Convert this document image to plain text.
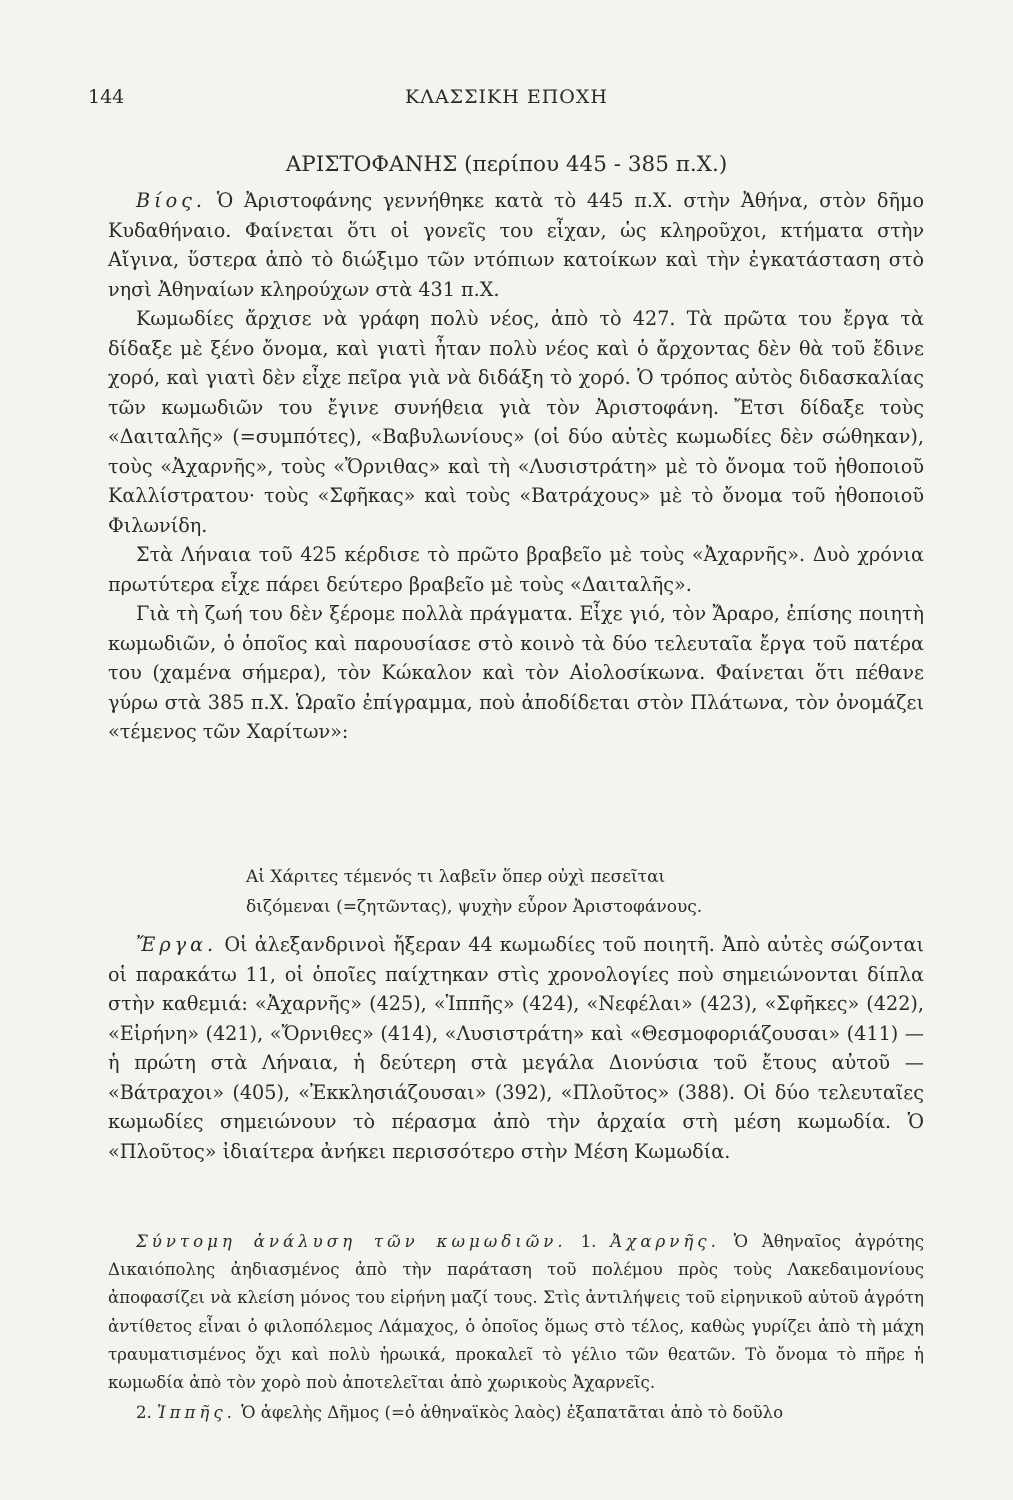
144	ΚΛΑΣΣΙΚΗ ΕΠΟΧΗ
ΑΡΙΣΤΟΦΑΝΗΣ (περίπου 445 - 385 π.Χ.)

Βίος. Ὁ Ἀριστοφάνης γεννήθηκε κατὰ τὸ 445 π.Χ. στὴν Ἀθήνα, στὸν δῆμο Κυδαθήναιο. Φαίνεται ὅτι οἱ γονεῖς του εἶχαν, ὡς κληροῦχοι, κτήματα στὴν Αἴγινα, ὕστερα ἀπὸ τὸ διώξιμο τῶν ντόπιων κατοίκων καὶ τὴν ἐγκατάσταση στὸ νησὶ Ἀθηναίων κληρούχων στὰ 431 π.Χ.

Κωμωδίες ἄρχισε νὰ γράφη πολὺ νέος, ἀπὸ τὸ 427. Τὰ πρῶτα του ἔργα τὰ δίδαξε μὲ ξένο ὄνομα, καὶ γιατὶ ἦταν πολὺ νέος καὶ ὁ ἄρχοντας δὲν θὰ τοῦ ἔδινε χορό, καὶ γιατὶ δὲν εἶχε πεῖρα γιὰ νὰ διδάξη τὸ χορό. Ὁ τρόπος αὐτὸς διδασκαλίας τῶν κωμωδιῶν του ἔγινε συνήθεια γιὰ τὸν Ἀριστοφάνη. Ἔτσι δίδαξε τοὺς «Δαιταλῆς» (=συμπότες), «Βαβυλωνίους» (οἱ δύο αὐτὲς κωμωδίες δὲν σώθηκαν), τοὺς «Ἀχαρνῆς», τοὺς «Ὄρνιθας» καὶ τὴ «Λυσιστράτη» μὲ τὸ ὄνομα τοῦ ἠθοποιοῦ Καλλίστρατου· τοὺς «Σφῆκας» καὶ τοὺς «Βατράχους» μὲ τὸ ὄνομα τοῦ ἠθοποιοῦ Φιλωνίδη.

Στὰ Λήναια τοῦ 425 κέρδισε τὸ πρῶτο βραβεῖο μὲ τοὺς «Ἀχαρνῆς». Δυὸ χρόνια πρωτύτερα εἶχε πάρει δεύτερο βραβεῖο μὲ τοὺς «Δαιταλῆς».

Γιὰ τὴ ζωή του δὲν ξέρομε πολλὰ πράγματα. Εἶχε γιό, τὸν Ἄραρο, ἐπίσης ποιητὴ κωμωδιῶν, ὁ ὁποῖος καὶ παρουσίασε στὸ κοινὸ τὰ δύο τελευταῖα ἔργα τοῦ πατέρα του (χαμένα σήμερα), τὸν Κώκαλον καὶ τὸν Αἰολοσίκωνα. Φαίνεται ὅτι πέθανε γύρω στὰ 385 π.Χ. Ὡραῖο ἐπίγραμμα, ποὺ ἀποδίδεται στὸν Πλάτωνα, τὸν ὀνομάζει «τέμενος τῶν Χαρίτων»:

Αἱ Χάριτες τέμενός τι λαβεῖν ὅπερ οὐχὶ πεσεῖται
διζόμεναι (=ζητῶντας), ψυχὴν εὗρον Ἀριστοφάνους.

Ἔργα. Οἱ ἀλεξανδρινοὶ ἤξεραν 44 κωμωδίες τοῦ ποιητῆ. Ἀπὸ αὐτὲς σώζονται οἱ παρακάτω 11, οἱ ὁποῖες παίχτηκαν στὶς χρονολογίες ποὺ σημειώνονται δίπλα στὴν καθεμιά: «Ἀχαρνῆς» (425), «Ἱππῆς» (424), «Νεφέλαι» (423), «Σφῆκες» (422), «Εἰρήνη» (421), «Ὄρνιθες» (414), «Λυσιστράτη» καὶ «Θεσμοφοριάζουσαι» (411) — ἡ πρώτη στὰ Λήναια, ἡ δεύτερη στὰ μεγάλα Διονύσια τοῦ ἔτους αὐτοῦ — «Βάτραχοι» (405), «Ἐκκλησιάζουσαι» (392), «Πλοῦτος» (388). Οἱ δύο τελευταῖες κωμωδίες σημειώνουν τὸ πέρασμα ἀπὸ τὴν ἀρχαία στὴ μέση κωμωδία. Ὁ «Πλοῦτος» ἰδιαίτερα ἀνήκει περισσότερο στὴν Μέση Κωμωδία.

Σύντομη ἀνάλυση τῶν κωμωδιῶν. 1. Ἀχαρνῆς. Ὁ Ἀθηναῖος ἀγρότης Δικαιόπολης ἀηδιασμένος ἀπὸ τὴν παράταση τοῦ πολέμου πρὸς τοὺς Λακεδαιμονίους ἀποφασίζει νὰ κλείση μόνος του εἰρήνη μαζί τους. Στὶς ἀντιλήψεις τοῦ εἰρηνικοῦ αὐτοῦ ἀγρότη ἀντίθετος εἶναι ὁ φιλοπόλεμος Λάμαχος, ὁ ὁποῖος ὅμως στὸ τέλος, καθὼς γυρίζει ἀπὸ τὴ μάχη τραυματισμένος ὄχι καὶ πολὺ ἡρωικά, προκαλεῖ τὸ γέλιο τῶν θεατῶν. Τὸ ὄνομα τὸ πῆρε ἡ κωμωδία ἀπὸ τὸν χορὸ ποὺ ἀποτελεῖται ἀπὸ χωρικοὺς Ἀχαρνεῖς.

2. Ἱππῆς. Ὁ ἀφελὴς Δῆμος (=ὁ ἀθηναϊκὸς λαὸς) ἐξαπατᾶται ἀπὸ τὸ δοῦλο
